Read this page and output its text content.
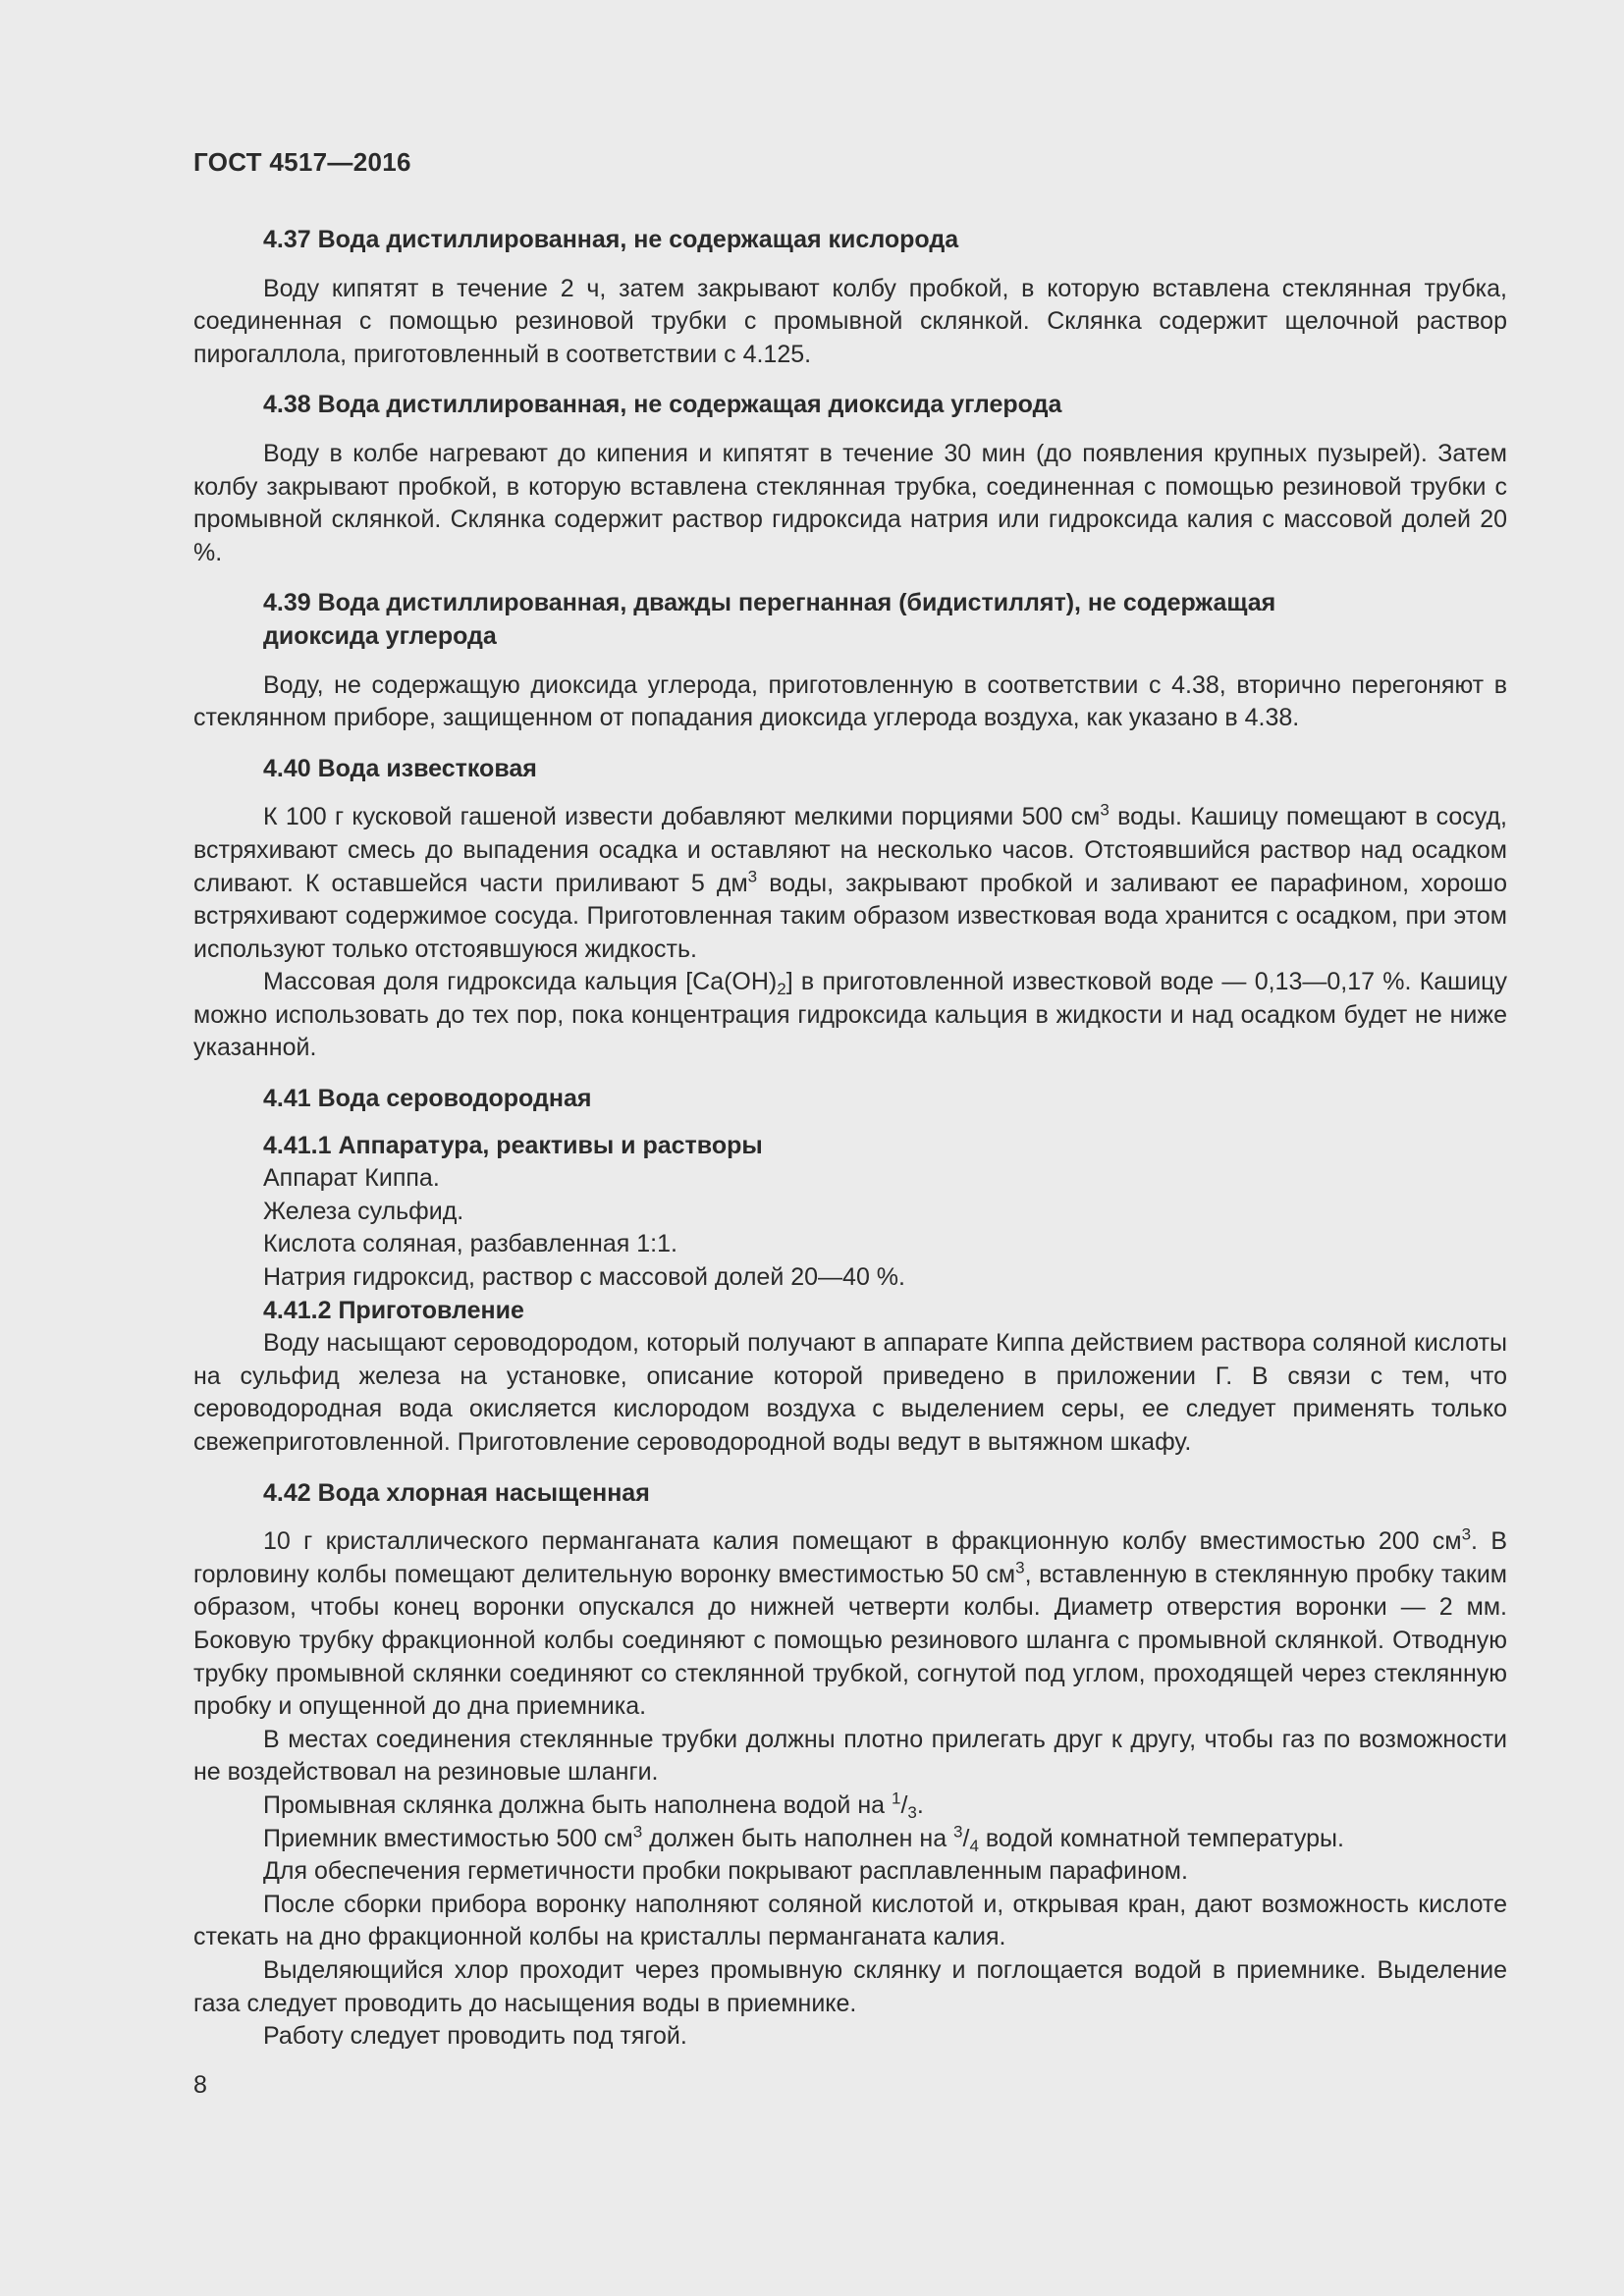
ГОСТ 4517—2016

4.37 Вода дистиллированная, не содержащая кислорода

Воду кипятят в течение 2 ч, затем закрывают колбу пробкой, в которую вставлена стеклянная трубка, соединенная с помощью резиновой трубки с промывной склянкой. Склянка содержит щелочной раствор пирогаллола, приготовленный в соответствии с 4.125.

4.38 Вода дистиллированная, не содержащая диоксида углерода

Воду в колбе нагревают до кипения и кипятят в течение 30 мин (до появления крупных пузырей). Затем колбу закрывают пробкой, в которую вставлена стеклянная трубка, соединенная с помощью резиновой трубки с промывной склянкой. Склянка содержит раствор гидроксида натрия или гидроксида калия с массовой долей 20 %.

4.39 Вода дистиллированная, дважды перегнанная (бидистиллят), не содержащая
диоксида углерода

Воду, не содержащую диоксида углерода, приготовленную в соответствии с 4.38, вторично перегоняют в стеклянном приборе, защищенном от попадания диоксида углерода воздуха, как указано в 4.38.

4.40 Вода известковая

К 100 г кусковой гашеной извести добавляют мелкими порциями 500 $см^3$ воды. Кашицу помещают в сосуд, встряхивают смесь до выпадения осадка и оставляют на несколько часов. Отстоявшийся раствор над осадком сливают. К оставшейся части приливают 5 $дм^3$ воды, закрывают пробкой и заливают ее парафином, хорошо встряхивают содержимое сосуда. Приготовленная таким образом известковая вода хранится с осадком, при этом используют только отстоявшуюся жидкость.

Массовая доля гидроксида кальция $[Ca(OH)_2]$ в приготовленной известковой воде — 0,13—0,17 %. Кашицу можно использовать до тех пор, пока концентрация гидроксида кальция в жидкости и над осадком будет не ниже указанной.

4.41 Вода сероводородная

4.41.1 Аппаратура, реактивы и растворы

Аппарат Киппа.

Железа сульфид.

Кислота соляная, разбавленная 1:1.

Натрия гидроксид, раствор с массовой долей 20—40 %.

4.41.2 Приготовление

Воду насыщают сероводородом, который получают в аппарате Киппа действием раствора соляной кислоты на сульфид железа на установке, описание которой приведено в приложении Г. В связи с тем, что сероводородная вода окисляется кислородом воздуха с выделением серы, ее следует применять только свежеприготовленной. Приготовление сероводородной воды ведут в вытяжном шкафу.

4.42 Вода хлорная насыщенная

10 г кристаллического перманганата калия помещают в фракционную колбу вместимостью 200 $см^3$. В горловину колбы помещают делительную воронку вместимостью 50 $см^3$, вставленную в стеклянную пробку таким образом, чтобы конец воронки опускался до нижней четверти колбы. Диаметр отверстия воронки — 2 мм. Боковую трубку фракционной колбы соединяют с помощью резинового шланга с промывной склянкой. Отводную трубку промывной склянки соединяют со стеклянной трубкой, согнутой под углом, проходящей через стеклянную пробку и опущенной до дна приемника.

В местах соединения стеклянные трубки должны плотно прилегать друг к другу, чтобы газ по возможности не воздействовал на резиновые шланги.

Промывная склянка должна быть наполнена водой на $^1/_3$.

Приемник вместимостью 500 $см^3$ должен быть наполнен на $^3/_4$ водой комнатной температуры.

Для обеспечения герметичности пробки покрывают расплавленным парафином.

После сборки прибора воронку наполняют соляной кислотой и, открывая кран, дают возможность кислоте стекать на дно фракционной колбы на кристаллы перманганата калия.

Выделяющийся хлор проходит через промывную склянку и поглощается водой в приемнике. Выделение газа следует проводить до насыщения воды в приемнике.

Работу следует проводить под тягой.

8
